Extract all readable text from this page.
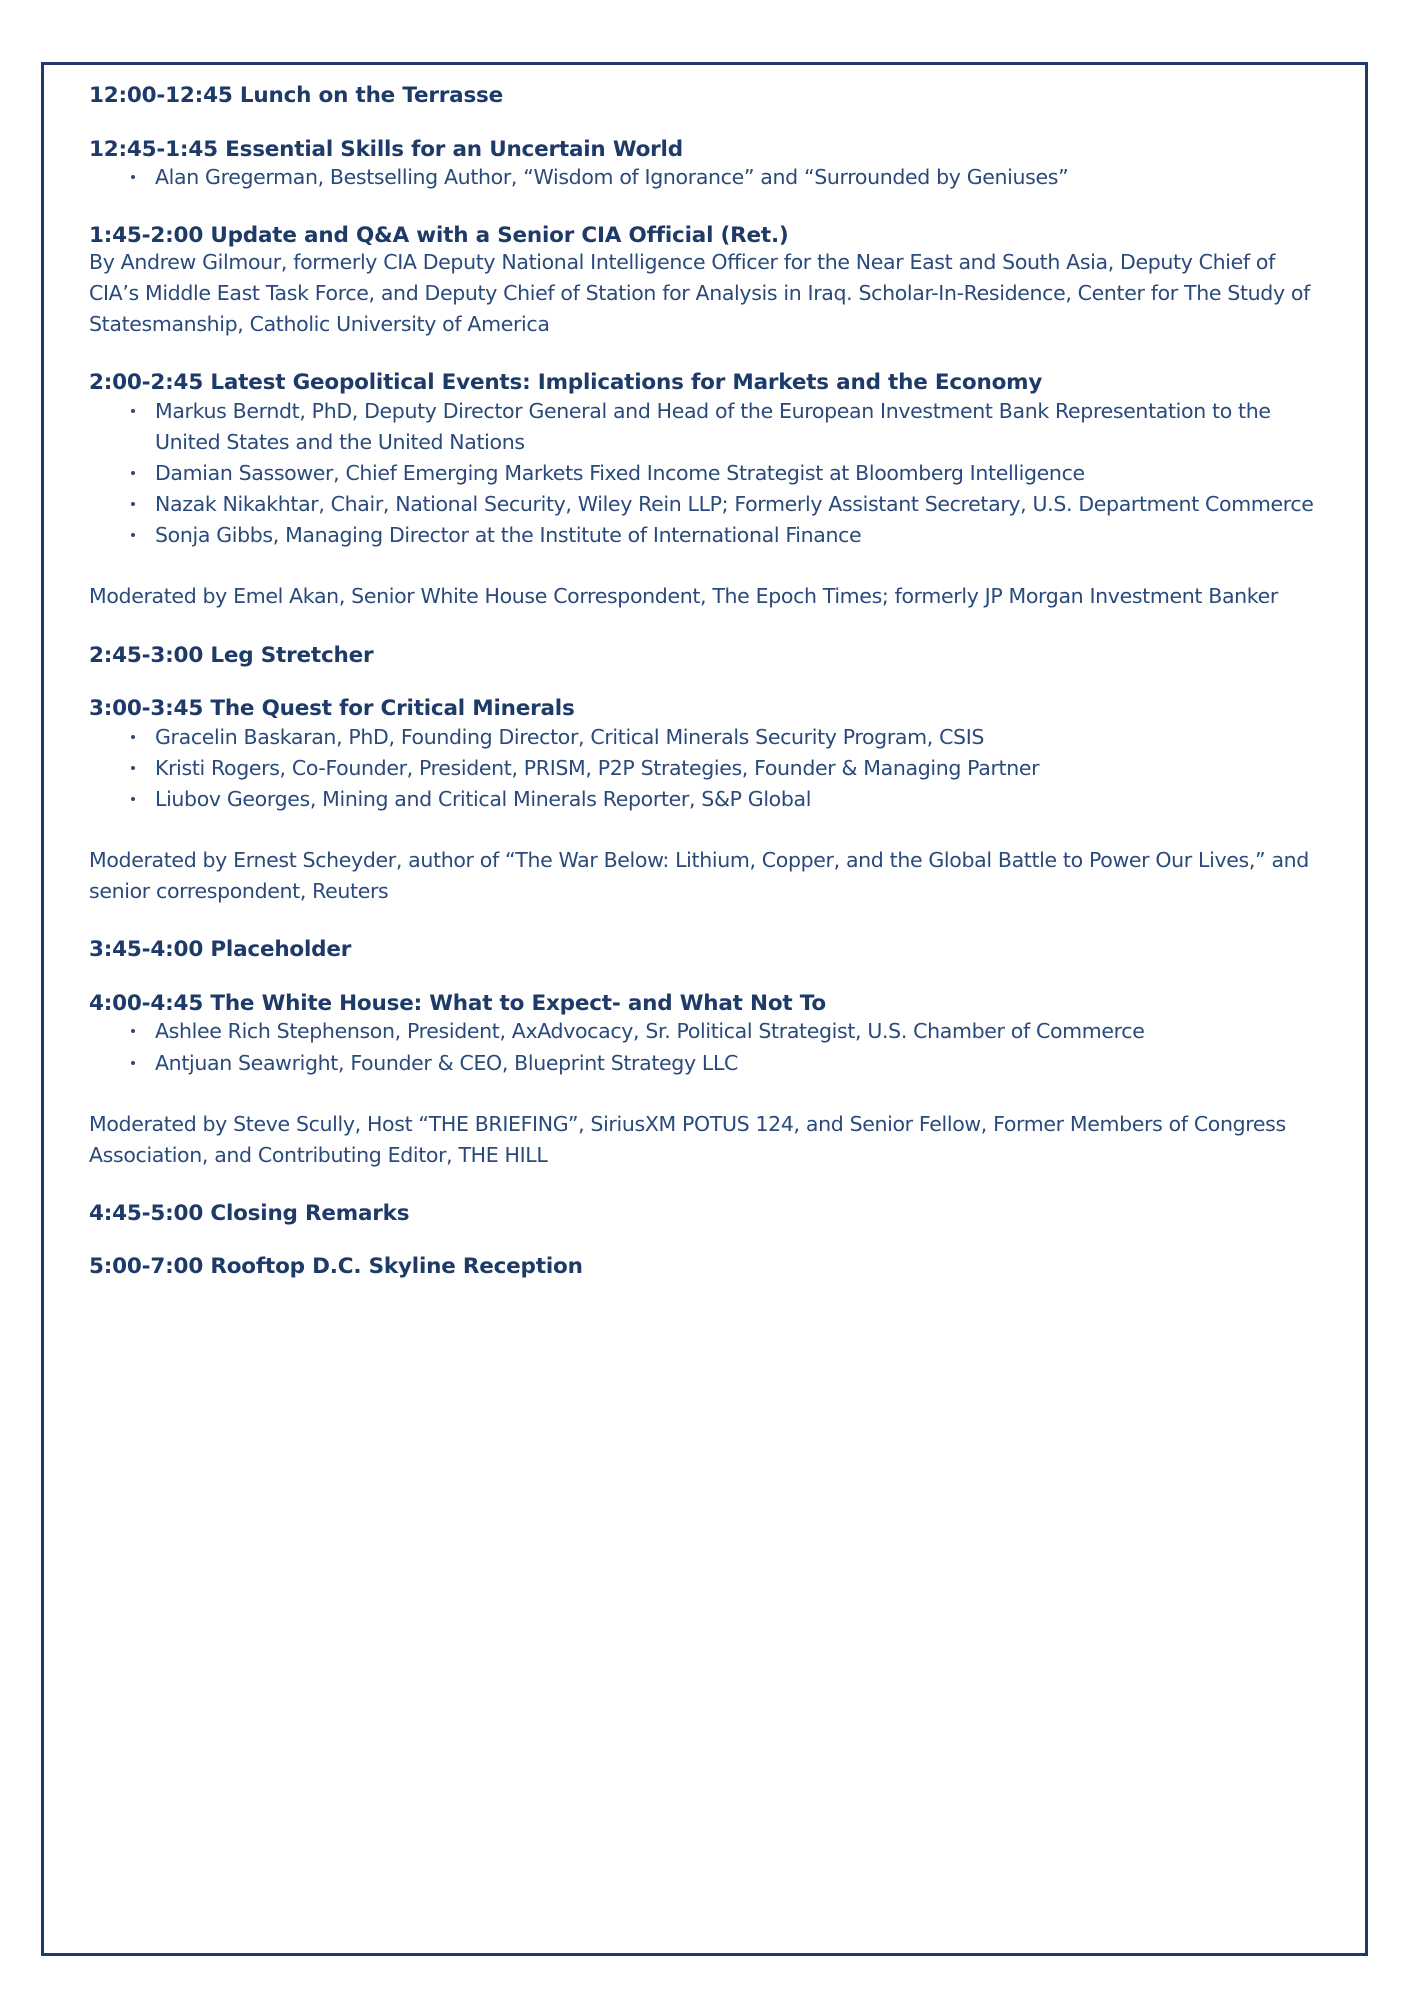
12:00-12:45 Lunch on the Terrasse
12:45-1:45 Essential Skills for an Uncertain World
Alan Gregerman, Bestselling Author, “Wisdom of Ignorance” and “Surrounded by Geniuses”
1:45-2:00 Update and Q&A with a Senior CIA Official (Ret.)

By Andrew Gilmour, formerly CIA Deputy National Intelligence Officer for the Near East and South Asia, Deputy Chief of CIA’s Middle East Task Force, and Deputy Chief of Station for Analysis in Iraq. Scholar-In-Residence, Center for The Study of Statesmanship, Catholic University of America

2:00-2:45 Latest Geopolitical Events: Implications for Markets and the Economy
Markus Berndt, PhD, Deputy Director General and Head of the European Investment Bank Representation to the United States and the United Nations
Damian Sassower, Chief Emerging Markets Fixed Income Strategist at Bloomberg Intelligence
Nazak Nikakhtar, Chair, National Security, Wiley Rein LLP; Formerly Assistant Secretary, U.S. Department Commerce
Sonja Gibbs, Managing Director at the Institute of International Finance

Moderated by Emel Akan, Senior White House Correspondent, The Epoch Times; formerly JP Morgan Investment Banker

2:45-3:00 Leg Stretcher
3:00-3:45 The Quest for Critical Minerals
Gracelin Baskaran, PhD, Founding Director, Critical Minerals Security Program, CSIS
Kristi Rogers, Co-Founder, President, PRISM, P2P Strategies, Founder & Managing Partner
Liubov Georges, Mining and Critical Minerals Reporter, S&P Global

Moderated by Ernest Scheyder, author of “The War Below: Lithium, Copper, and the Global Battle to Power Our Lives,” and senior correspondent, Reuters

3:45-4:00 Placeholder
4:00-4:45 The White House: What to Expect- and What Not To
Ashlee Rich Stephenson, President, AxAdvocacy, Sr. Political Strategist, U.S. Chamber of Commerce
Antjuan Seawright, Founder & CEO, Blueprint Strategy LLC

Moderated by Steve Scully, Host “THE BRIEFING”, SiriusXM POTUS 124, and Senior Fellow, Former Members of Congress Association, and Contributing Editor, THE HILL

4:45-5:00 Closing Remarks
5:00-7:00 Rooftop D.C. Skyline Reception
